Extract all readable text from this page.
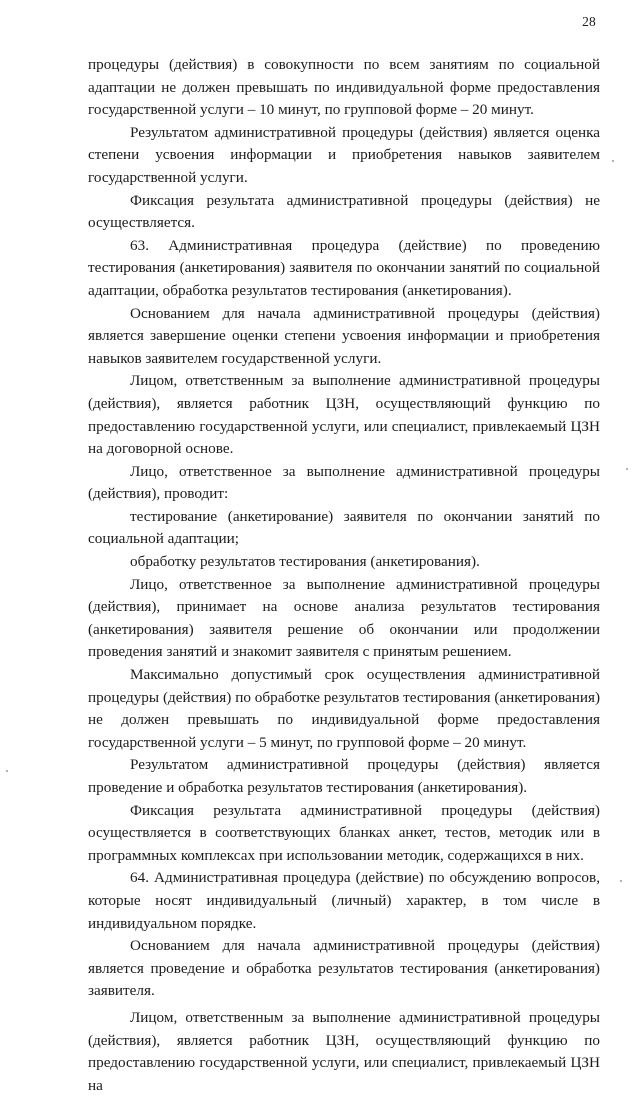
28

процедуры (действия) в совокупности по всем занятиям по социальной адаптации не должен превышать по индивидуальной форме предоставления государственной услуги – 10 минут, по групповой форме – 20 минут.

Результатом административной процедуры (действия) является оценка степени усвоения информации и приобретения навыков заявителем государственной услуги.

Фиксация результата административной процедуры (действия) не осуществляется.

63. Административная процедура (действие) по проведению тестирования (анкетирования) заявителя по окончании занятий по социальной адаптации, обработка результатов тестирования (анкетирования).

Основанием для начала административной процедуры (действия) является завершение оценки степени усвоения информации и приобретения навыков заявителем государственной услуги.

Лицом, ответственным за выполнение административной процедуры (действия), является работник ЦЗН, осуществляющий функцию по предоставлению государственной услуги, или специалист, привлекаемый ЦЗН на договорной основе.

Лицо, ответственное за выполнение административной процедуры (действия), проводит:

тестирование (анкетирование) заявителя по окончании занятий по социальной адаптации;

обработку результатов тестирования (анкетирования).

Лицо, ответственное за выполнение административной процедуры (действия), принимает на основе анализа результатов тестирования (анкетирования) заявителя решение об окончании или продолжении проведения занятий и знакомит заявителя с принятым решением.

Максимально допустимый срок осуществления административной процедуры (действия) по обработке результатов тестирования (анкетирования) не должен превышать по индивидуальной форме предоставления государственной услуги – 5 минут, по групповой форме – 20 минут.

Результатом административной процедуры (действия) является проведение и обработка результатов тестирования (анкетирования).

Фиксация результата административной процедуры (действия) осуществляется в соответствующих бланках анкет, тестов, методик или в программных комплексах при использовании методик, содержащихся в них.

64. Административная процедура (действие) по обсуждению вопросов, которые носят индивидуальный (личный) характер, в том числе в индивидуальном порядке.

Основанием для начала административной процедуры (действия) является проведение и обработка результатов тестирования (анкетирования) заявителя.

Лицом, ответственным за выполнение административной процедуры (действия), является работник ЦЗН, осуществляющий функцию по предоставлению государственной услуги, или специалист, привлекаемый ЦЗН на
